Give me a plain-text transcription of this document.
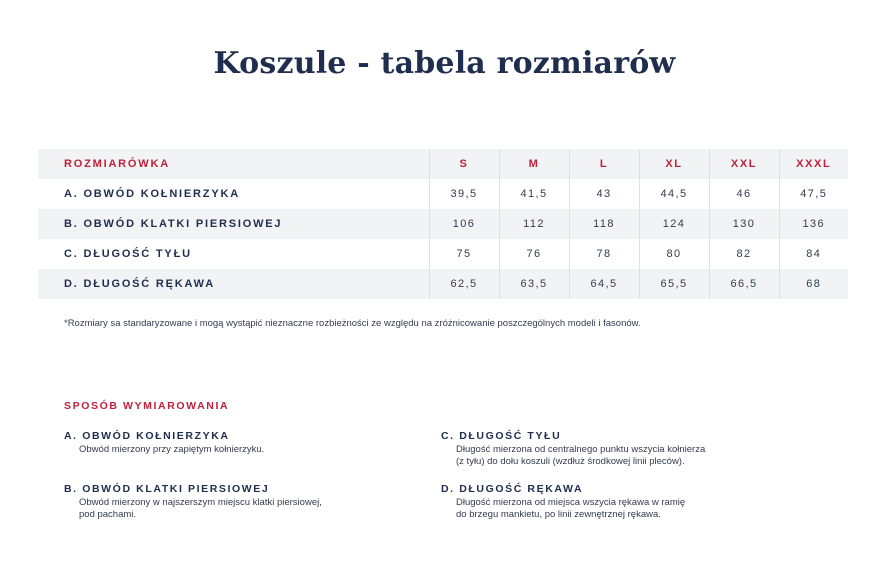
Koszule - tabela rozmiarów
ROZMIARÓWKA	S	M	L	XL	XXL	XXXL
A. OBWÓD KOŁNIERZYKA	39,5	41,5	43	44,5	46	47,5
B. OBWÓD KLATKI PIERSIOWEJ	106	112	118	124	130	136
C. DŁUGOŚĆ TYŁU	75	76	78	80	82	84
D. DŁUGOŚĆ RĘKAWA	62,5	63,5	64,5	65,5	66,5	68

*Rozmiary sa standaryzowane i mogą wystąpić nieznaczne rozbieżności ze względu na zróżnicowanie poszczególnych modeli i fasonów.

SPOSÓB WYMIAROWANIA

A. OBWÓD KOŁNIERZYKA

Obwód mierzony przy zapiętym kołnierzyku.

C. DŁUGOŚĆ TYŁU

Długość mierzona od centralnego punktu wszycia kołnierza
(z tyłu) do dołu koszuli (wzdłuż środkowej linii pleców).

B. OBWÓD KLATKI PIERSIOWEJ

Obwód mierzony w najszerszym miejscu klatki piersiowej,
pod pachami.

D. DŁUGOŚĆ RĘKAWA

Długość mierzona od miejsca wszycia rękawa w ramię
do brzegu mankietu, po linii zewnętrznej rękawa.
